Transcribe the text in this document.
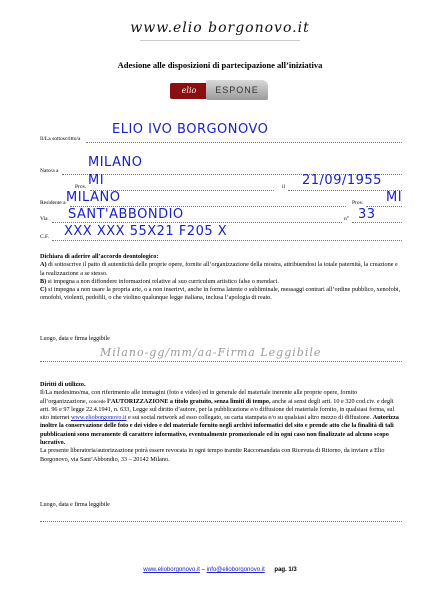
www.elio borgonovo.it
Adesione alle disposizioni di partecipazione all’iniziativa
elio	ESPONE
Il/La sottoscritto/a
ELIO IVO BORGONOVO
Nato/a a
MILANO
Prov. MI	il 21/09/1955
Residente a MILANO	Prov. MI
Via SANT'ABBONDIO	n° 33
C.F. XXX XXX 55X21 F205 X
Dichiara di aderire all’accordo deontologico:
A) di sottoscrive il patto di autenticità delle proprie opere, fornite all’organizzazione della mostra, attribuendosi la totale paternità, la creazione e la realizzazione a se stesso.
B) si impegna a non diffondere informazioni relative al suo curriculum artistico false o mendaci.
C) si impegna a non usare la propria arte, o a non inserirvi, anche in forma latente o subliminale, messaggi contrari all’ordine pubblico, xenofobi, omofobi, violenti, pedofili, o che violino qualunque legge italiana, inclusa l’apologia di reato.
Luogo, data e firma leggibile
Milano-gg/mm/aa-Firma Leggibile
Diritti di utilizzo.
Il/La medesimo/ma, con riferimento alle immagini (foto e video) ed in generale del materiale inerente alle proprie opere, fornito all’organizzazione, concede l’AUTORIZZAZIONE a titolo gratuito, senza limiti di tempo, anche ai sensi degli artt. 10 e 320 cod.civ. e degli artt. 96 e 97 legge 22.4.1941, n. 633, Legge sul diritto d’autore, per la pubblicazione e/o diffusione del materiale fornito, in qualsiasi forma, sul sito internet www.elioborgonovo.it e sui social network ad esso collegato, su carta stampata e/o su qualsiasi altro mezzo di diffusione. Autorizza inoltre la conservazione delle foto e dei video e del materiale fornito negli archivi informatici del sito e prende atto che la finalità di tali pubblicazioni sono meramente di carattere informativo, eventualmente promozionale ed in ogni caso non finalizzate ad alcuno scopo lucrativo.
La presente liberatoria/autorizzazione potrà essere revocata in ogni tempo tramite Raccomandata con Ricevuta di Ritorno, da inviare a Elio Borgonovo, via Sant’Abbondio, 33 – 20142 Milano.
Luogo, data e firma leggibile
www.elioborgonovo.it – info@elioborgonovo.it pag. 1/3
